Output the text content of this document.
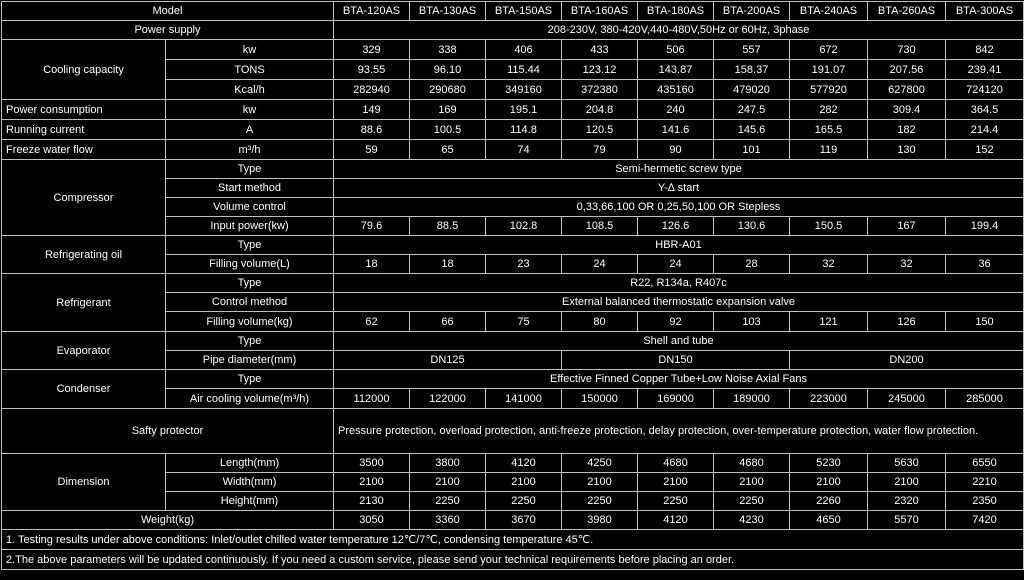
Model		BTA-120AS	BTA-130AS	BTA-150AS	BTA-160AS	BTA-180AS	BTA-200AS	BTA-240AS	BTA-260AS	BTA-300AS
Power supply		208-230V, 380-420V,440-480V,50Hz or 60Hz, 3phase								
Cooling capacity	kw	329	338	406	433	506	557	672	730	842
	TONS	93.55	96.10	115.44	123.12	143.87	158.37	191.07	207.56	239.41
	Kcal/h	282940	290680	349160	372380	435160	479020	577920	627800	724120
Power consumption	kw	149	169	195.1	204.8	240	247.5	282	309.4	364.5
Running current	A	88.6	100.5	114.8	120.5	141.6	145.6	165.5	182	214.4
Freeze water flow	m³/h	59	65	74	79	90	101	119	130	152
Compressor	Type	Semi-hermetic screw type								
	Start method	Y-∆ start								
	Volume control	0,33,66,100 OR 0,25,50,100 OR Stepless								
	Input power(kw)	79.6	88.5	102.8	108.5	126.6	130.6	150.5	167	199.4
Refrigerating oil	Type	HBR-A01								
	Filling volume(L)	18	18	23	24	24	28	32	32	36
Refrigerant	Type	R22, R134a, R407c								
	Control method	External balanced thermostatic expansion valve								
	Filling volume(kg)	62	66	75	80	92	103	121	126	150
Evaporator	Type	Shell and tube								
	Pipe diameter(mm)	DN125			DN150			DN200		
Condenser	Type	Effective Finned Copper Tube+Low Noise Axial Fans								
	Air cooling volume(m³/h)	112000	122000	141000	150000	169000	189000	223000	245000	285000
Safty protector		Pressure protection, overload protection, anti-freeze protection, delay protection, over-temperature protection, water flow protection.								
Dimension	Length(mm)	3500	3800	4120	4250	4680	4680	5230	5630	6550
	Width(mm)	2100	2100	2100	2100	2100	2100	2100	2100	2210
	Height(mm)	2130	2250	2250	2250	2250	2250	2260	2320	2350
Weight(kg)		3050	3360	3670	3980	4120	4230	4650	5570	7420
1. Testing results under above conditions: Inlet/outlet chilled water temperature 12℃/7℃, condensing temperature 45℃.										
2.The above parameters will be updated continuously. If you need a custom service, please send your technical requirements before placing an order.										
